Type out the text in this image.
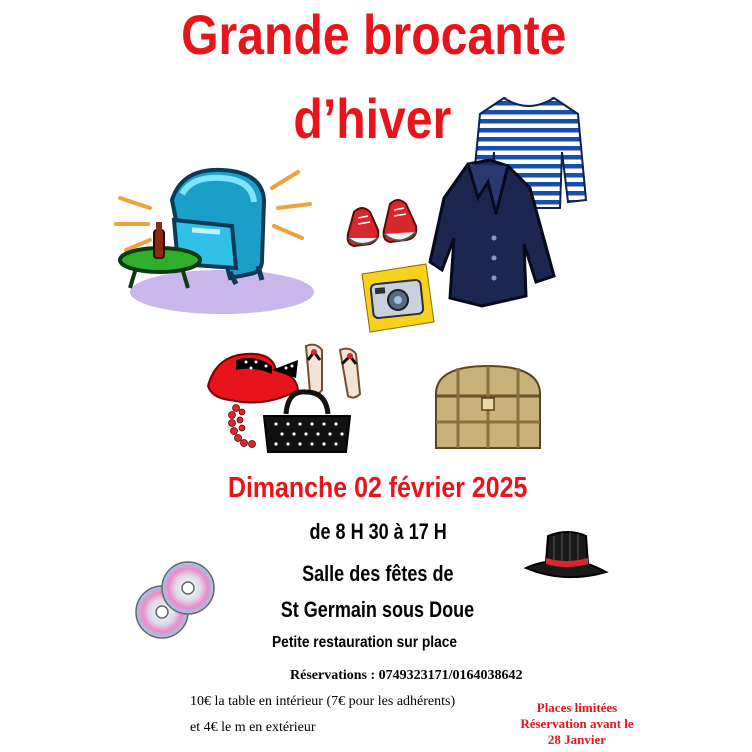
Grande brocante
d’hiver
Dimanche 02 février 2025
de 8 H 30 à 17 H
Salle des fêtes de
St Germain sous Doue
Petite restauration sur place
Réservations : 0749323171/0164038642
10€ la table en intérieur (7€ pour les adhérents)
et 4€ le m en extérieur
Places limitées
Réservation avant le
28 Janvier
